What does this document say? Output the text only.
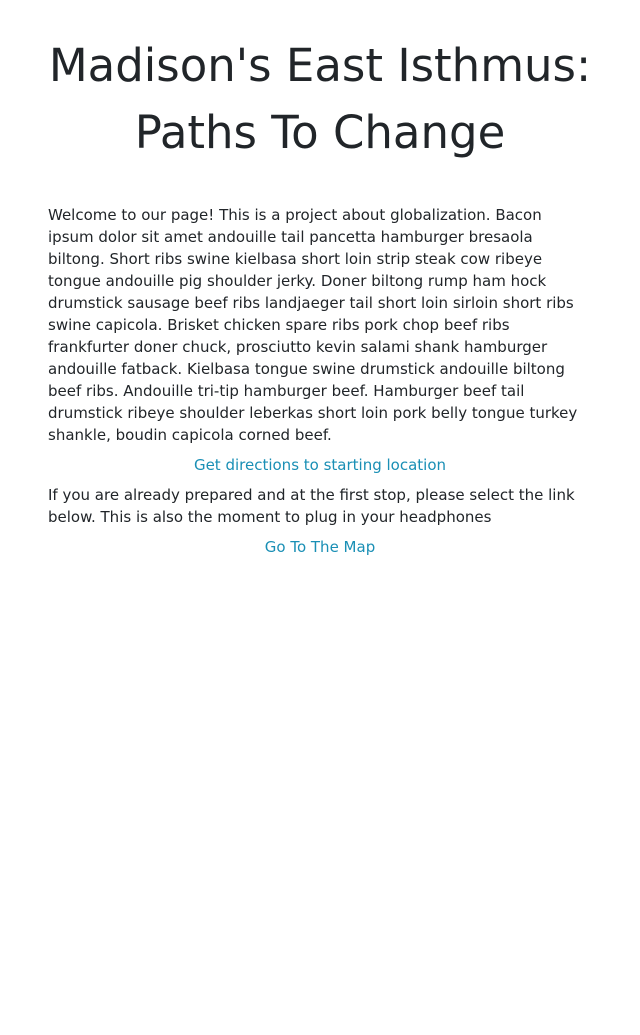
Madison's East Isthmus:
Paths To Change

Welcome to our page! This is a project about globalization. Bacon ipsum dolor sit amet andouille tail pancetta hamburger bresaola biltong. Short ribs swine kielbasa short loin strip steak cow ribeye tongue andouille pig shoulder jerky. Doner biltong rump ham hock drumstick sausage beef ribs landjaeger tail short loin sirloin short ribs swine capicola. Brisket chicken spare ribs pork chop beef ribs frankfurter doner chuck, prosciutto kevin salami shank hamburger andouille fatback. Kielbasa tongue swine drumstick andouille biltong beef ribs. Andouille tri-tip hamburger beef. Hamburger beef tail drumstick ribeye shoulder leberkas short loin pork belly tongue turkey shankle, boudin capicola corned beef.

Get directions to starting location

If you are already prepared and at the first stop, please select the link below. This is also the moment to plug in your headphones

Go To The Map
